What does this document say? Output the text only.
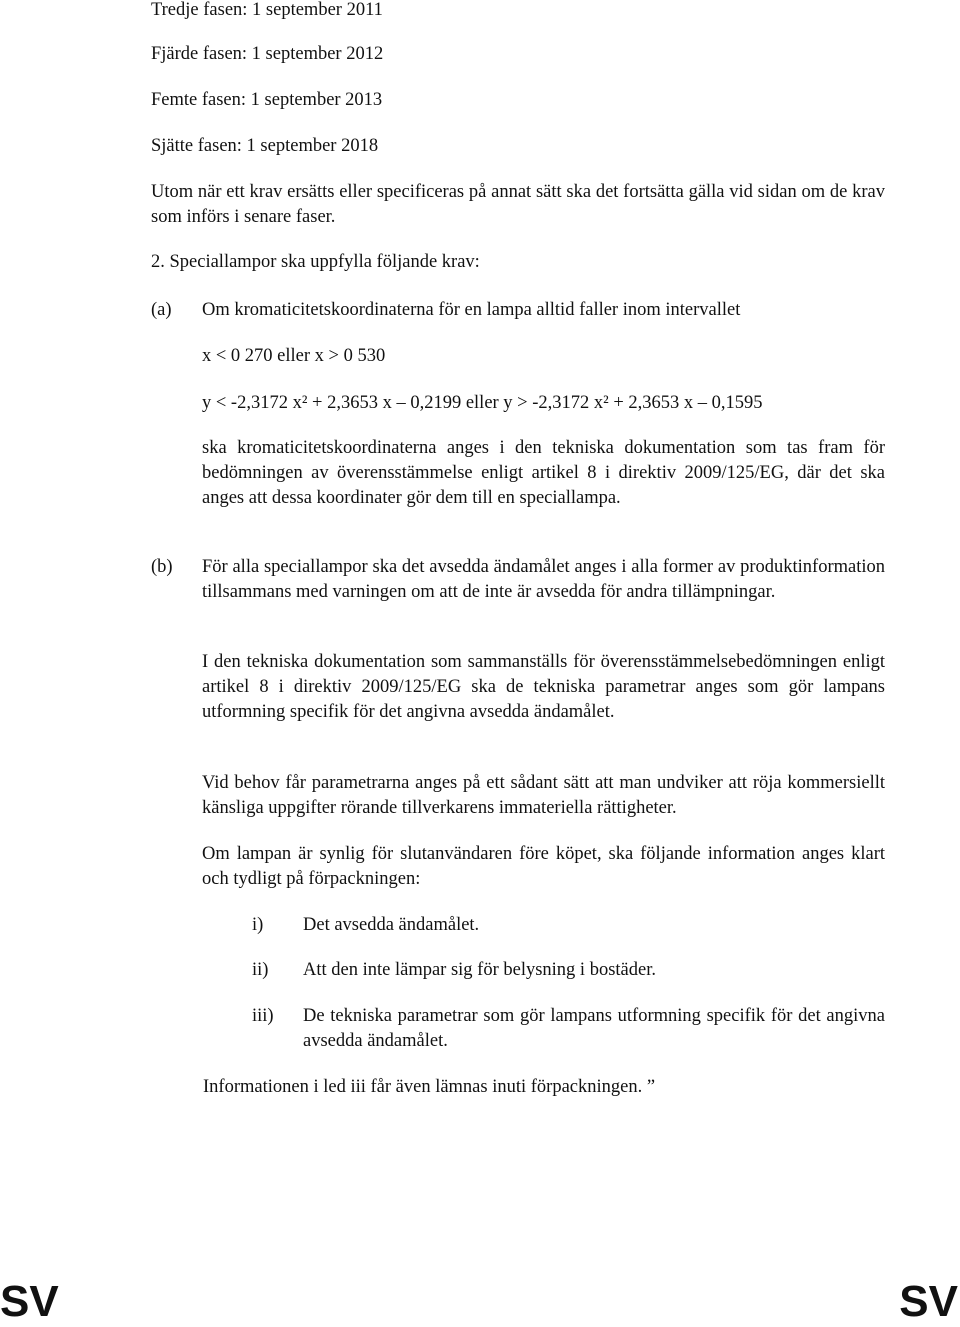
Tredje fasen: 1 september 2011

Fjärde fasen: 1 september 2012

Femte fasen: 1 september 2013

Sjätte fasen: 1 september 2018

Utom när ett krav ersätts eller specificeras på annat sätt ska det fortsätta gälla vid sidan om de krav som införs i senare faser.

2. Speciallampor ska uppfylla följande krav:

(a) Om kromaticitetskoordinaterna för en lampa alltid faller inom intervallet

x < 0 270 eller x > 0 530

y < -2,3172 x² + 2,3653 x – 0,2199 eller y > -2,3172 x² + 2,3653 x – 0,1595

ska kromaticitetskoordinaterna anges i den tekniska dokumentation som tas fram för bedömningen av överensstämmelse enligt artikel 8 i direktiv 2009/125/EG, där det ska anges att dessa koordinater gör dem till en speciallampa.

(b) För alla speciallampor ska det avsedda ändamålet anges i alla former av produktinformation tillsammans med varningen om att de inte är avsedda för andra tillämpningar.

I den tekniska dokumentation som sammanställs för överensstämmelsebedömningen enligt artikel 8 i direktiv 2009/125/EG ska de tekniska parametrar anges som gör lampans utformning specifik för det angivna avsedda ändamålet.

Vid behov får parametrarna anges på ett sådant sätt att man undviker att röja kommersiellt känsliga uppgifter rörande tillverkarens immateriella rättigheter.

Om lampan är synlig för slutanvändaren före köpet, ska följande information anges klart och tydligt på förpackningen:

i) Det avsedda ändamålet.

ii) Att den inte lämpar sig för belysning i bostäder.

iii) De tekniska parametrar som gör lampans utformning specifik för det angivna avsedda ändamålet.

Informationen i led iii får även lämnas inuti förpackningen. ”

SV	SV
